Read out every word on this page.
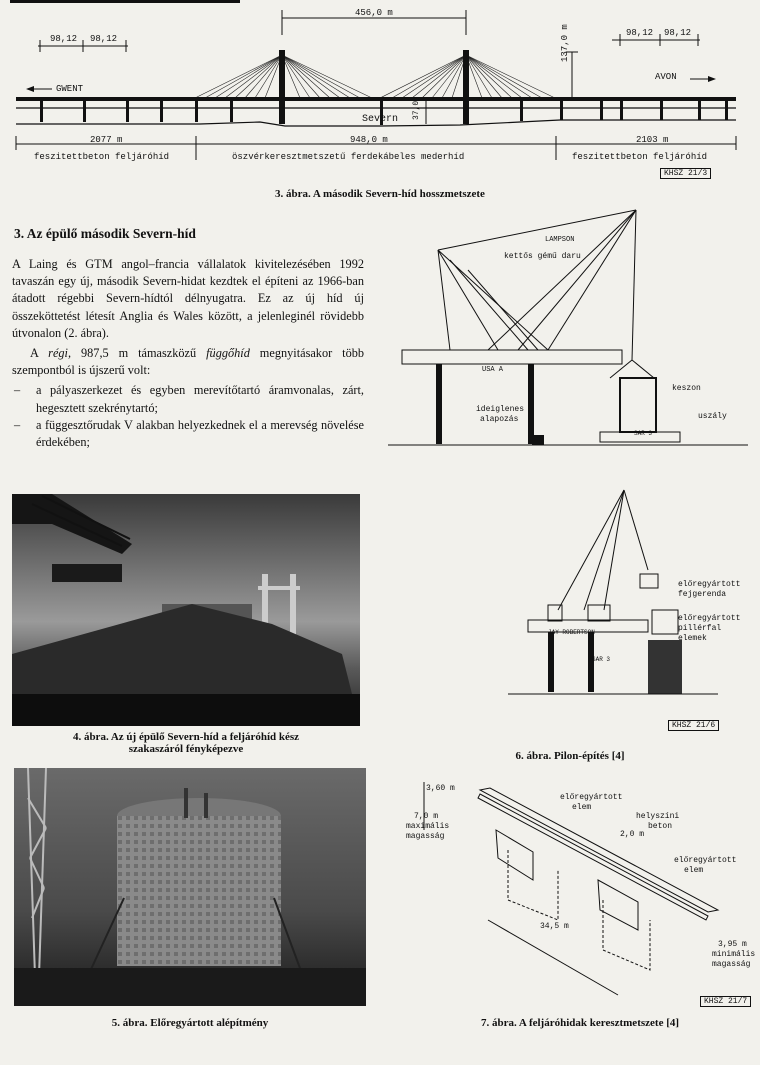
456,0 m
98,12 98,12
98,12 98,12
137,0 m
37,0
GWENT
AVON
Severn
2077 m	948,0 m	2103 m
feszitettbeton feljáróhíd	öszvérkeresztmetszetű ferdekábeles mederhíd	feszitettbeton feljáróhíd
KHSZ 21/3
3. ábra. A második Severn-híd hosszmetszete
3. Az épülő második Severn-híd

A Laing és GTM angol–francia vállalatok kivitelezésében 1992 tavaszán egy új, második Severn-hidat kezdtek el építeni az 1966-ban átadott régebbi Severn-hídtól délnyugatra. Ez az új híd új összeköttetést létesít Anglia és Wales között, a jelenleginél rövidebb útvonalon (2. ábra).

A régi, 987,5 m támaszközű függőhíd megnyitásakor több szempontból is újszerű volt:

– a pályaszerkezet és egyben merevítőtartó áramvonalas, zárt, hegesztett szekrénytartó;
– a függesztőrudak V alakban helyezkednek el a merevség növelése érdekében;
4. ábra. Az új épülő Severn-híd a feljáróhíd kész
szakaszáról fényképezve
5. ábra. Előregyártott alépítmény
LAMPSON
kettős gémű daru
USA A
ideiglenes
alapozás
keszon
uszály
SAR 3
előregyártott
fejgerenda
előregyártott
pillérfal
elemek
JAY ROBERTSON
SAR 3
KHSZ 21/6
6. ábra. Pilon-építés [4]
3,60 m
7,0 m
maximális
magasság
előregyártott
elem
helyszíni
beton
2,0 m
előregyártott
elem
34,5 m
3,95 m
minimális
magasság
KHSZ 21/7
7. ábra. A feljáróhidak keresztmetszete [4]
